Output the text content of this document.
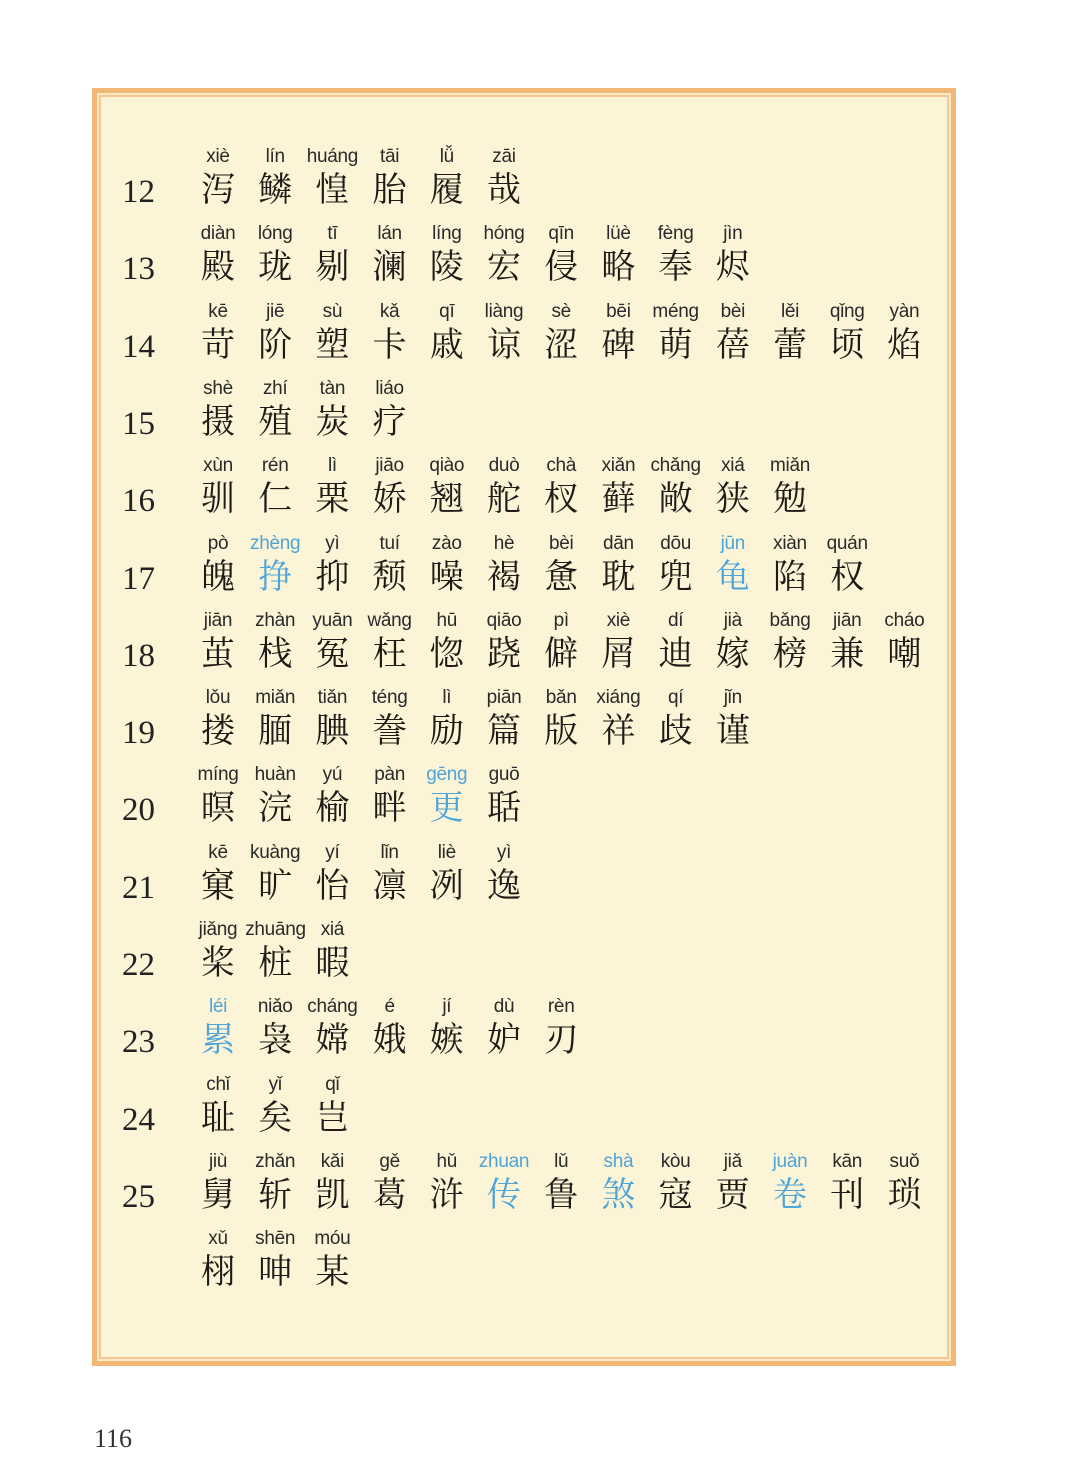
12
xiè
泻
lín
鳞
huáng
惶
tāi
胎
lǚ
履
zāi
哉
13
diàn
殿
lóng
珑
tī
剔
lán
澜
líng
陵
hóng
宏
qīn
侵
lüè
略
fèng
奉
jìn
烬
14
kē
苛
jiē
阶
sù
塑
kǎ
卡
qī
戚
liàng
谅
sè
涩
bēi
碑
méng
萌
bèi
蓓
lěi
蕾
qǐng
顷
yàn
焰
15
shè
摄
zhí
殖
tàn
炭
liáo
疗
16
xùn
驯
rén
仁
lì
栗
jiāo
娇
qiào
翘
duò
舵
chà
杈
xiǎn
藓
chǎng
敞
xiá
狭
miǎn
勉
17
pò
魄
zhèng
挣
yì
抑
tuí
颓
zào
噪
hè
褐
bèi
惫
dān
耽
dōu
兜
jūn
龟
xiàn
陷
quán
权
18
jiān
茧
zhàn
栈
yuān
冤
wǎng
枉
hū
惚
qiāo
跷
pì
僻
xiè
屑
dí
迪
jià
嫁
bǎng
榜
jiān
兼
cháo
嘲
19
lǒu
搂
miǎn
腼
tiǎn
腆
téng
誊
lì
励
piān
篇
bǎn
版
xiáng
祥
qí
歧
jǐn
谨
20
míng
暝
huàn
浣
yú
榆
pàn
畔
gēng
更
guō
聒
21
kē
窠
kuàng
旷
yí
怡
lǐn
凛
liè
冽
yì
逸
22
jiǎng
桨
zhuāng
桩
xiá
暇
23
léi
累
niǎo
袅
cháng
嫦
é
娥
jí
嫉
dù
妒
rèn
刃
24
chǐ
耻
yǐ
矣
qǐ
岂
25
jiù
舅
zhǎn
斩
kǎi
凯
gě
葛
hǔ
浒
zhuan
传
lǔ
鲁
shà
煞
kòu
寇
jiǎ
贾
juàn
卷
kān
刊
suǒ
琐
xǔ
栩
shēn
呻
móu
某
116
